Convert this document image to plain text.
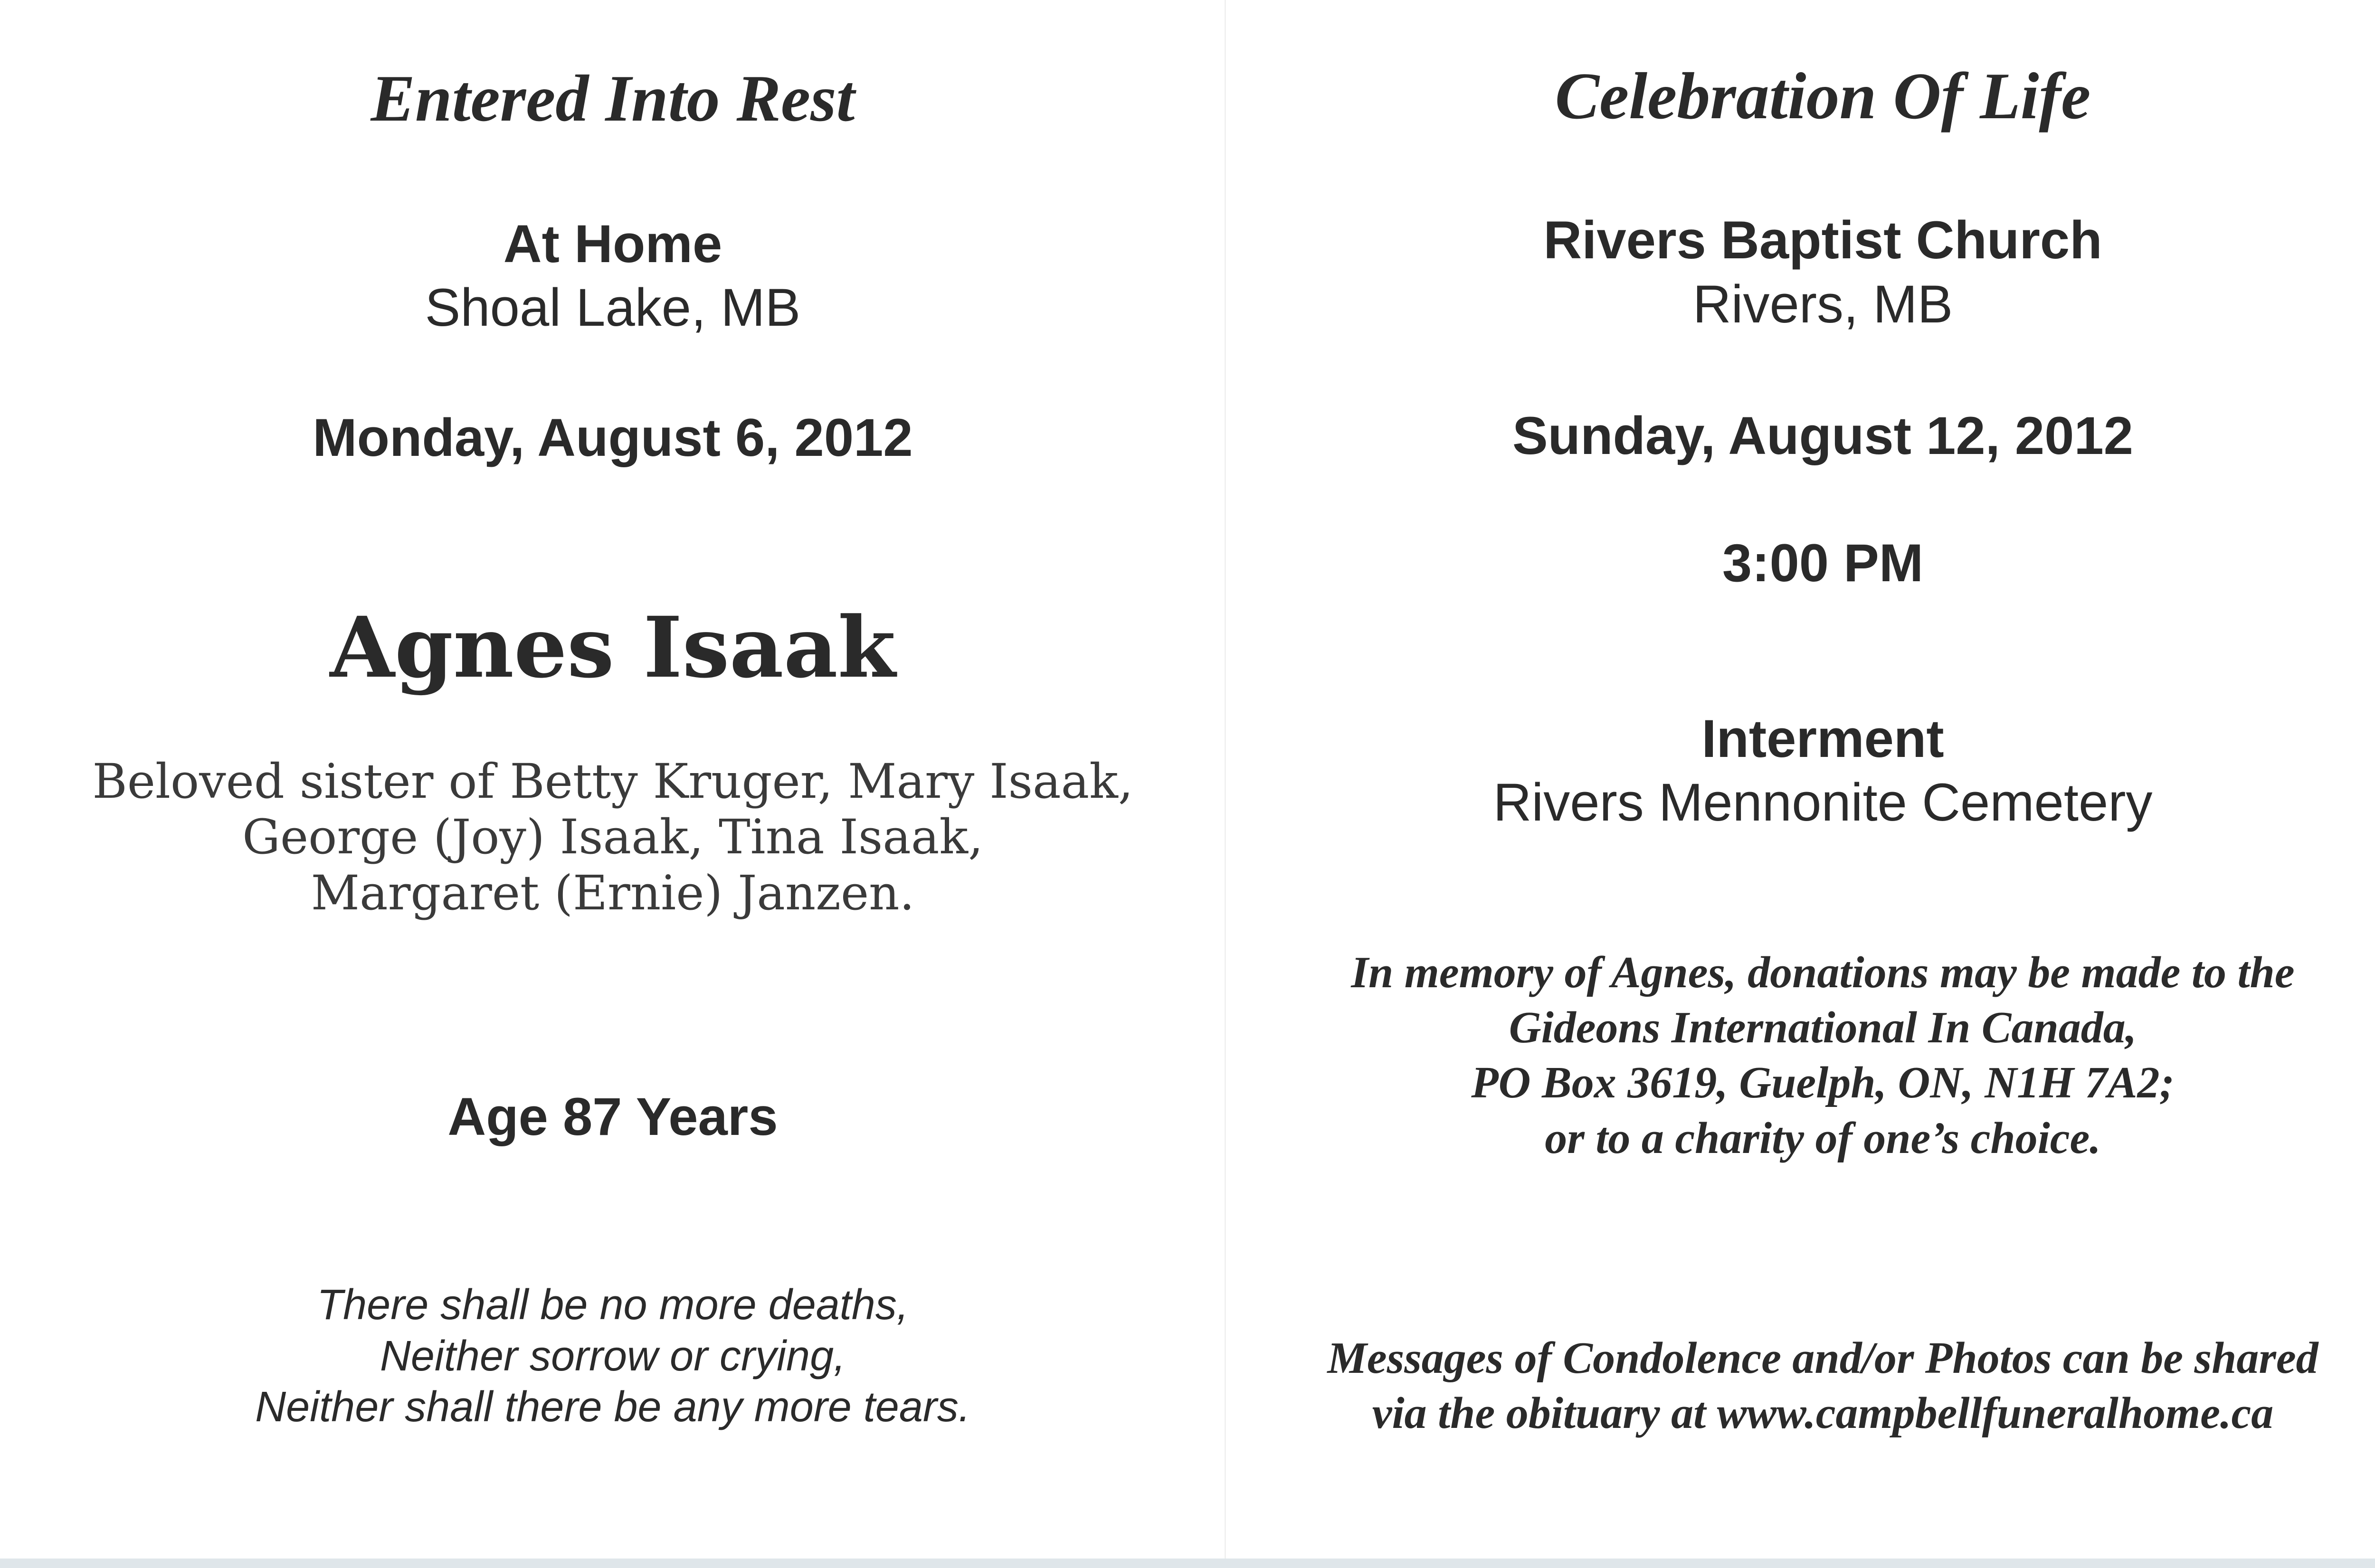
Entered Into Rest
At Home
Shoal Lake, MB
Monday, August 6, 2012
Agnes Isaak
Beloved sister of Betty Kruger, Mary Isaak,
George (Joy) Isaak, Tina Isaak,
Margaret (Ernie) Janzen.
Age 87 Years
There shall be no more deaths,
Neither sorrow or crying,
Neither shall there be any more tears.
Celebration Of Life
Rivers Baptist Church
Rivers, MB
Sunday, August 12, 2012
3:00 PM
Interment
Rivers Mennonite Cemetery
In memory of Agnes, donations may be made to the
Gideons International In Canada,
PO Box 3619, Guelph, ON, N1H 7A2;
or to a charity of one’s choice.
Messages of Condolence and/or Photos can be shared
via the obituary at www.campbellfuneralhome.ca
